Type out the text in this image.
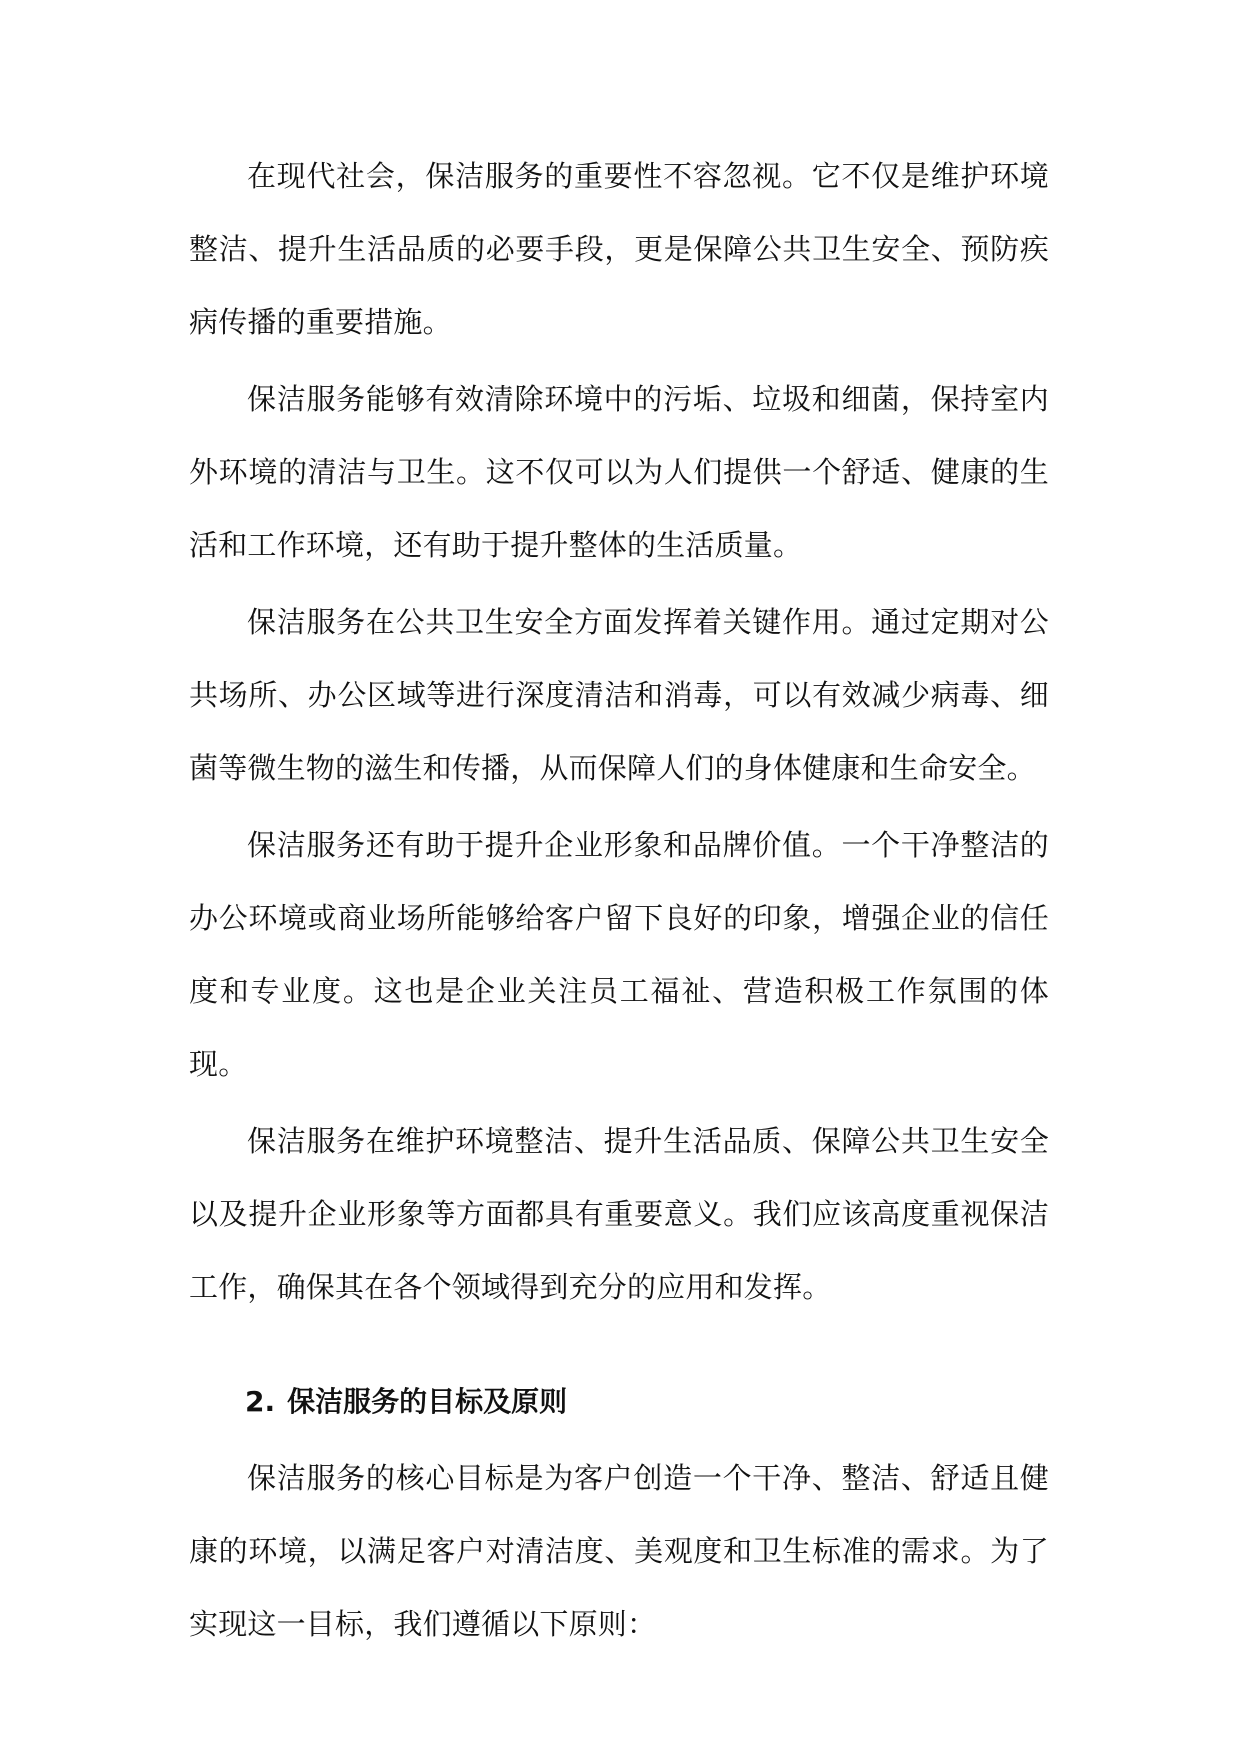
在现代社会，保洁服务的重要性不容忽视。它不仅是维护环境整洁、提升生活品质的必要手段，更是保障公共卫生安全、预防疾病传播的重要措施。

保洁服务能够有效清除环境中的污垢、垃圾和细菌，保持室内外环境的清洁与卫生。这不仅可以为人们提供一个舒适、健康的生活和工作环境，还有助于提升整体的生活质量。

保洁服务在公共卫生安全方面发挥着关键作用。通过定期对公共场所、办公区域等进行深度清洁和消毒，可以有效减少病毒、细菌等微生物的滋生和传播，从而保障人们的身体健康和生命安全。

保洁服务还有助于提升企业形象和品牌价值。一个干净整洁的办公环境或商业场所能够给客户留下良好的印象，增强企业的信任度和专业度。这也是企业关注员工福祉、营造积极工作氛围的体现。

保洁服务在维护环境整洁、提升生活品质、保障公共卫生安全以及提升企业形象等方面都具有重要意义。我们应该高度重视保洁工作，确保其在各个领域得到充分的应用和发挥。

2. 保洁服务的目标及原则

保洁服务的核心目标是为客户创造一个干净、整洁、舒适且健康的环境，以满足客户对清洁度、美观度和卫生标准的需求。为了实现这一目标，我们遵循以下原则：
